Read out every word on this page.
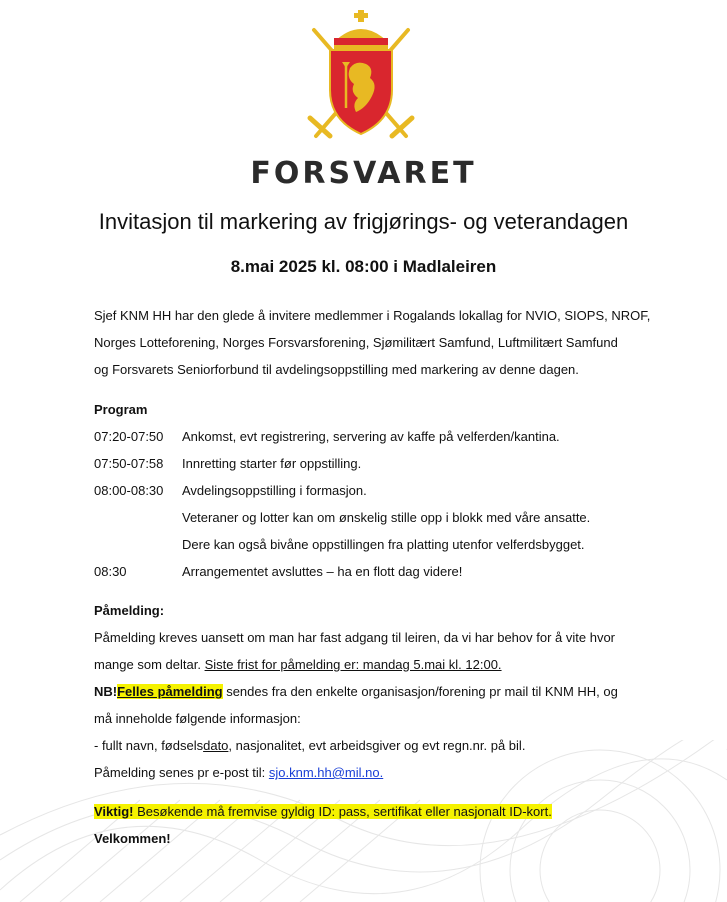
FORSVARET
Invitasjon til markering av frigjørings- og veterandagen
8.mai 2025 kl. 08:00 i Madlaleiren
Sjef KNM HH har den glede å invitere medlemmer i Rogalands lokallag for NVIO, SIOPS, NROF,
Norges Lotteforening, Norges Forsvarsforening, Sjømilitært Samfund, Luftmilitært Samfund
og Forsvarets Seniorforbund til avdelingsoppstilling med markering av denne dagen.
Program
07:20-07:50 Ankomst, evt registrering, servering av kaffe på velferden/kantina.
07:50-07:58 Innretting starter før oppstilling.
08:00-08:30 Avdelingsoppstilling i formasjon.
Veteraner og lotter kan om ønskelig stille opp i blokk med våre ansatte.
Dere kan også bivåne oppstillingen fra platting utenfor velferdsbygget.
08:30	Arrangementet avsluttes – ha en flott dag videre!
Påmelding:
Påmelding kreves uansett om man har fast adgang til leiren, da vi har behov for å vite hvor
mange som deltar. Siste frist for påmelding er: mandag 5.mai kl. 12:00.
NB!Felles påmelding sendes fra den enkelte organisasjon/forening pr mail til KNM HH, og
må inneholde følgende informasjon:
- fullt navn, fødselsdato, nasjonalitet, evt arbeidsgiver og evt regn.nr. på bil.
Påmelding senes pr e-post til: sjo.knm.hh@mil.no.
Viktig! Besøkende må fremvise gyldig ID: pass, sertifikat eller nasjonalt ID-kort.
Velkommen!
